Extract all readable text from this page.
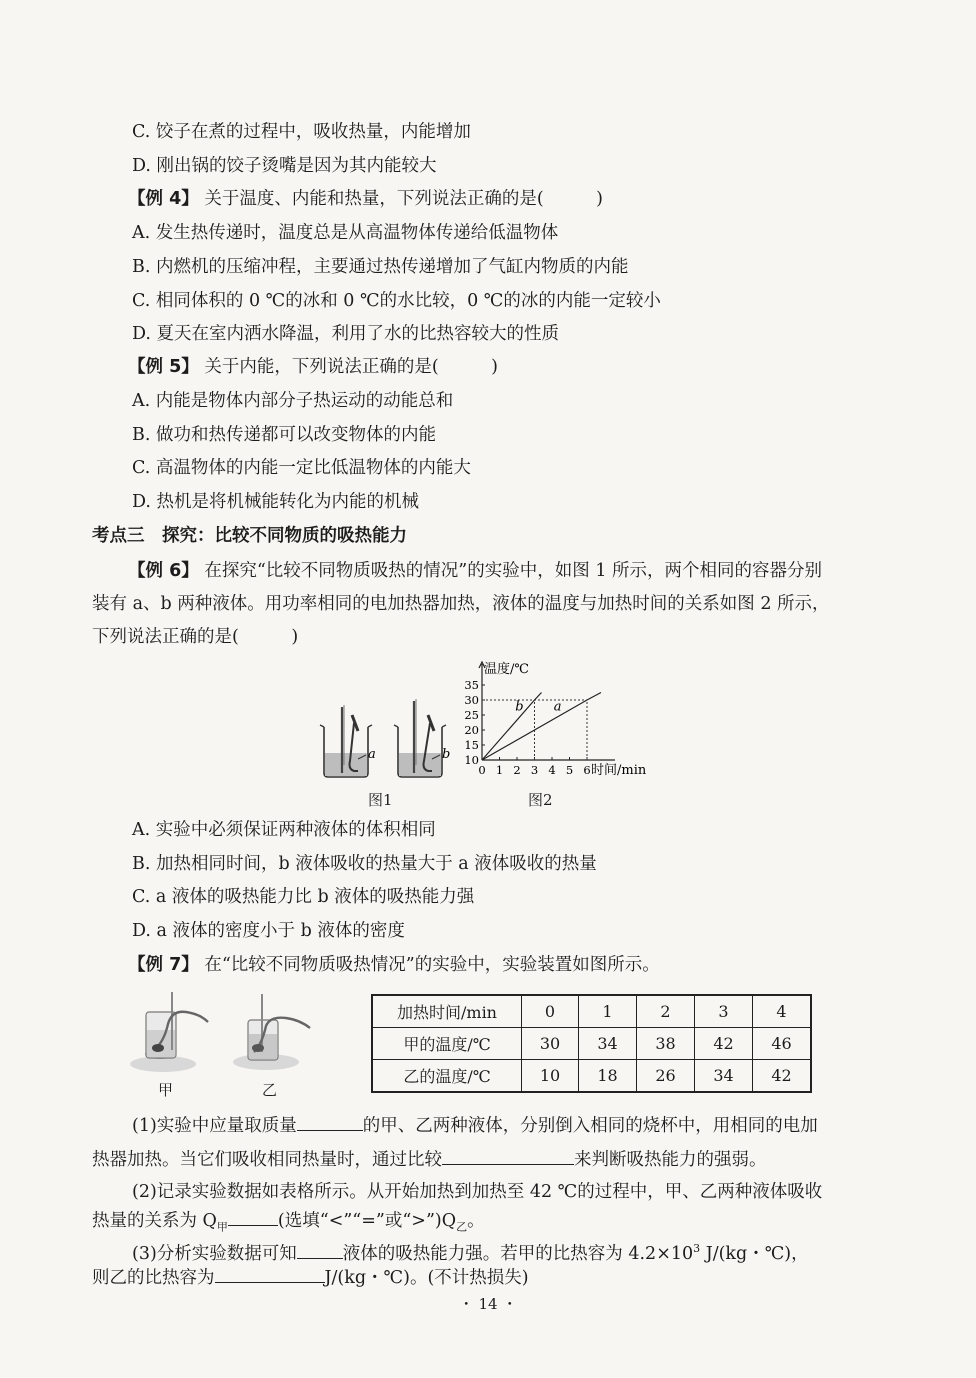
C. 饺子在煮的过程中，吸收热量，内能增加
D. 刚出锅的饺子烫嘴是因为其内能较大
【例 4】 关于温度、内能和热量，下列说法正确的是(　　　)
A. 发生热传递时，温度总是从高温物体传递给低温物体
B. 内燃机的压缩冲程，主要通过热传递增加了气缸内物质的内能
C. 相同体积的 0 ℃的冰和 0 ℃的水比较，0 ℃的冰的内能一定较小
D. 夏天在室内洒水降温，利用了水的比热容较大的性质
【例 5】 关于内能，下列说法正确的是(　　　)
A. 内能是物体内部分子热运动的动能总和
B. 做功和热传递都可以改变物体的内能
C. 高温物体的内能一定比低温物体的内能大
D. 热机是将机械能转化为内能的机械
考点三　探究：比较不同物质的吸热能力
【例 6】 在探究“比较不同物质吸热的情况”的实验中，如图 1 所示，两个相同的容器分别
装有 a、b 两种液体。用功率相同的电加热器加热，液体的温度与加热时间的关系如图 2 所示，
下列说法正确的是(　　　)
a	b
图1
10
15
20
25
30
35
0 1 2 3 4 5 6
b a
温度/℃
时间/min
图2
A. 实验中必须保证两种液体的体积相同
B. 加热相同时间，b 液体吸收的热量大于 a 液体吸收的热量
C. a 液体的吸热能力比 b 液体的吸热能力强
D. a 液体的密度小于 b 液体的密度
【例 7】 在“比较不同物质吸热情况”的实验中，实验装置如图所示。
甲	乙
加热时间/min	0	1	2	3	4
甲的温度/℃	30	34	38	42	46
乙的温度/℃	10	18	26	34	42
(1)实验中应量取质量	的甲、乙两种液体，分别倒入相同的烧杯中，用相同的电加
热器加热。当它们吸收相同热量时，通过比较	来判断吸热能力的强弱。
(2)记录实验数据如表格所示。从开始加热到加热至 42 ℃的过程中，甲、乙两种液体吸收
热量的关系为 $Q_甲$	(选填“<”“=”或“$>”)Q_乙$。
(3)分析实验数据可知	液体的吸热能力强。若甲的比热容为 $4.2\times 10^3$ J/(kg・℃)，
则乙的比热容为	J/(kg・℃)。(不计热损失)
・ 14 ・
